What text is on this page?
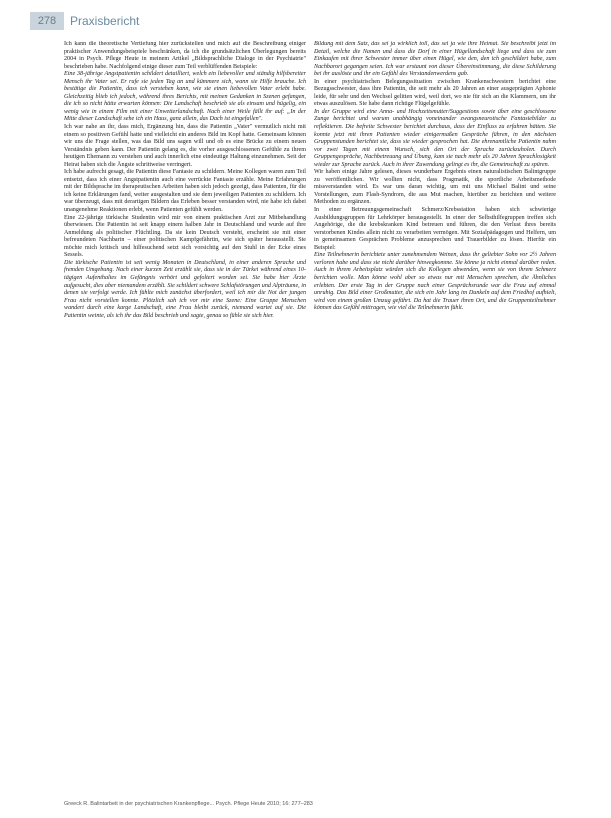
278	Praxisbericht

Ich kann die theoretische Vertiefung hier zurückstellen und mich auf die Beschreibung einiger praktischer Anwendungsbeispiele beschränken, da ich die grundsätzlichen Überlegungen bereits 2004 in Psych. Pflege Heute in meinem Artikel „Bildsprachliche Dialoge in der Psychiatrie" beschrieben habe. Nachfolgend einige dieser zum Teil verblüffenden Beispiele:

Eine 38-jährige Angstpatientin schildert detailliert, welch ein liebevoller und ständig hilfsbereiter Mensch ihr Vater sei. Er rufe sie jeden Tag an und kümmere sich, wann sie Hilfe brauche. Ich bestätige die Patientin, dass ich verstehen kann, wie sie einen liebevollen Vater erlebt habe. Gleichzeitig blieb ich jedoch, während ihres Berichts, mit meinen Gedanken in Szenen gefangen, die ich so nicht hätte erwarten können: Die Landschaft beschrieb sie als einsam und hügelig, ein wenig wie in einem Film mit einer Unwetterlandschaft. Nach einer Weile fällt ihr auf: „In der Mitte dieser Landschaft sehe ich ein Haus, ganz allein, das Dach ist eingefallen".

Ich war nahe an ihr, dass mich, Ergänzung hin, dass die Patientin „Vater" vermutlich nicht mit einem so positiven Gefühl hatte und vielleicht ein anderes Bild im Kopf hatte. Gemeinsam können wir uns die Frage stellen, was das Bild uns sagen will und ob es eine Brücke zu einem neuen Verständnis geben kann. Der Patientin gelang es, die vorher ausgeschlossenen Gefühle zu ihrem heutigen Ehemann zu verstehen und auch innerlich eine eindeutige Haltung einzunehmen. Seit der Heirat haben sich die Ängste schrittweise verringert.

Ich habe aufrecht gesagt, die Patientin diese Fantasie zu schildern. Meine Kollegen waren zum Teil entsetzt, dass ich einer Angstpatientin auch eine verrückte Fantasie erzähle. Meine Erfahrungen mit der Bildsprache im therapeutischen Arbeiten haben sich jedoch gezeigt, dass Patienten, für die ich keine Erklärungen fand, weiter ausgestalten und sie dem jeweiligen Patienten zu schildern. Ich war überzeugt, dass mit derartigen Bildern das Erleben besser verstanden wird, nie habe ich dabei unangenehme Reaktionen erlebt, wenn Patienten gefühlt werden.

Eine 22-jährige türkische Studentin wird mir von einem praktischen Arzt zur Mitbehandlung überwiesen. Die Patientin ist seit knapp einem halben Jahr in Deutschland und wurde auf ihre Anmeldung als politischer Flüchtling. Da sie kein Deutsch versteht, erscheint sie mit einer befreundeten Nachbarin – einer politischen Kampfgefährtin, wie sich später herausstellt. Sie möchte mich kritisch und hilfesuchend setzt sich vorsichtig auf den Stuhl in der Ecke eines Sessels.

Die türkische Patientin ist seit wenig Monaten in Deutschland, in einer anderen Sprache und fremden Umgebung. Nach einer kurzen Zeit erzählt sie, dass sie in der Türkei während eines 10-tägigen Aufenthaltes im Gefängnis verhört und gefoltert worden sei. Sie habe hier Ärzte aufgesucht, dies aber niemandem erzählt. Sie schildert schwere Schlafstörungen und Alpträume, in denen sie verfolgt werde. Ich fühlte mich zunächst überfordert, weil ich mir die Not der jungen Frau nicht vorstellen konnte. Plötzlich sah ich vor mir eine Szene: Eine Gruppe Menschen wandert durch eine karge Landschaft, eine Frau bleibt zurück, niemand wartet auf sie. Die Patientin weinte, als ich ihr das Bild beschrieb und sagte, genau so fühle sie sich hier.

Bildung mit dem Satz, das sei ja wirklich toll, das sei ja wie ihre Heimat. Sie beschreibt jetzt im Detail, welche die Namen und dass die Dorf in einer Hügellandschaft liege und dass sie zum Einkaufen mit ihrer Schwester immer über einen Hügel, wie den, den ich geschildert habe, zum Nachbarort gegangen seien. Ich war erstaunt von dieser Übereinstimmung, die diese Schilderung bei ihr auslöste und ihr ein Gefühl des Verstandenwerdens gab.

In einer psychiatrischen Belegungssituation zwischen Krankenschwestern berichtet eine Bezugsschwester, dass ihre Patientin, die seit mehr als 20 Jahren an einer ausgeprägten Aphonie leide, für sehr und den Wechsel gelitten wird, weil dort, wo nie für sich an die Klammern, um ihr etwas auszulösen. Sie habe dann richtige Flügelgefühle.

In der Gruppe wird eine Anna- und Hochzeitsmutter/Suggestions sowie über eine geschlossene Zunge berichtet und warum unabhängig voneinander zwangsneurotische Fantasiebilder zu reflektieren. Die befreite Schwester berichtet durchaus, dass der Einfluss zu erfahren hätten. Sie konnte jetzt mit ihren Patienten wieder einigermaßen Gespräche führen, in den nächsten Gruppenstunden berichtet sie, dass sie wieder gesprochen hat. Die ehrenamtliche Patientin nahm vor zwei Tagen mit einem Wunsch, sich den Ort der Sprache zurückzuholen. Durch Gruppengespräche, Nachbetreuung und Übung, kam sie nach mehr als 20 Jahren Sprachlosigkeit wieder zur Sprache zurück. Auch in ihrer Zuwendung gelingt es ihr, die Gemeinschaft zu spüren.

Wir haben einige Jahre gelesen, dieses wunderbare Ergebnis einen naturalistischen Balintgruppe zu veröffentlichen. Wir wollten nicht, dass Pragmatik, die sportliche Arbeitsmethode missverstanden wird. Es war uns daran wichtig, um mit uns Michael Balint und seine Vorstellungen, zum Flash-Syndrom, die aus Mut machen, hierüber zu berichten und weitere Methoden zu ergänzen.

In einer Betreuungsgemeinschaft Schmerz/Krebsstation haben sich schwierige Ausbildungsgruppen für Lehrkörper herausgestellt. In einer der Selbsthilfegruppen treffen sich Angehörige, die die krebskranken Kind betreuen und führen, die den Verlust ihres bereits verstorbenen Kindes allein nicht zu verarbeiten vermögen. Mit Sozialpädagogen und Helfern, um in gemeinsamen Gesprächen Probleme anzusprechen und Trauerbilder zu lösen. Hierfür ein Beispiel:

Eine Teilnehmerin berichtete unter zunehmendem Weinen, dass ihr geliebter Sohn vor 2½ Jahren verloren habe und dass sie nicht darüber hinwegkomme. Sie könne ja nicht einmal darüber reden. Auch in ihrem Arbeitsplatz würden sich die Kollegen abwenden, wenn sie von ihrem Schmerz berichten wolle. Man könne wohl aber so etwas nur mit Menschen sprechen, die Ähnliches erlebten. Der erste Tag in der Gruppe nach einer Gesprächsrunde war die Frau auf einmal unruhig. Das Bild einer Großmutter, die sich ein Jahr lang im Dunkeln auf dem Friedhof aufhielt, wird von einem großen Umzug geführt. Da hat die Trauer ihren Ort, und die Gruppenteilnehmer können das Gefühl mittragen, wie viel die Teilnehmerin fühlt.

Greeck R. Balintarbeit in der psychiatrischen Krankenpflege... Psych. Pflege Heute 2010; 16: 277–283
